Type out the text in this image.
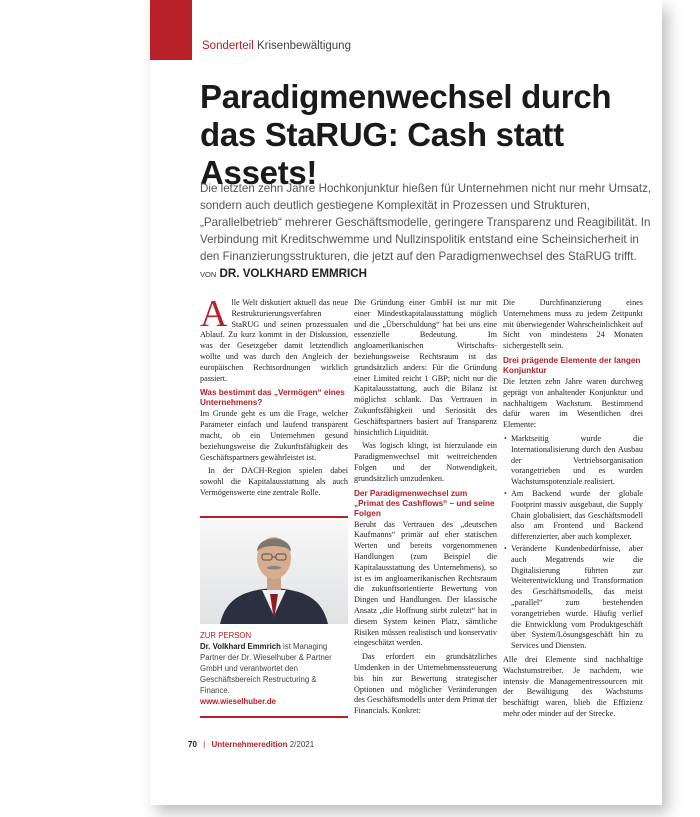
Sonderteil Krisenbewältigung
Paradigmenwechsel durch das StaRUG: Cash statt Assets!
Die letzten zehn Jahre Hochkonjunktur hießen für Unternehmen nicht nur mehr Umsatz, sondern auch deutlich gestiegene Komplexität in Prozessen und Strukturen, „Parallelbetrieb“ mehrerer Geschäftsmodelle, geringere Transparenz und Reagibilität. In Verbindung mit Kreditschwemme und Nullzinspolitik entstand eine Scheinsicherheit in den Finanzierungsstrukturen, die jetzt auf den Paradigmenwechsel des StaRUG trifft. VON DR. VOLKHARD EMMRICH

A lle Welt diskutiert aktuell das neue Restrukturierungsverfahren StaRUG und seinen prozessualen Ablauf. Zu kurz kommt in der Diskussion, was der Gesetzgeber damit letztendlich wollte und was durch den Angleich der europäischen Rechtsordnungen wirklich passiert.

Was bestimmt das „Vermögen“ eines Unternehmens?

Im Grunde geht es um die Frage, welcher Parameter einfach und laufend transparent macht, ob ein Unternehmen gesund beziehungsweise die Zukunftsfähigkeit des Geschäftspartners gewährleistet ist.

In der DACH-Region spielen dabei sowohl die Kapitalausstattung als auch Vermögenswerte eine zentrale Rolle.

ZUR PERSON
Dr. Volkhard Emmrich ist Managing Partner der Dr. Wieselhuber & Partner GmbH und verantwortet den Geschäftsbereich Restructuring & Finance.
www.wieselhuber.de

Die Gründung einer GmbH ist nur mit einer Mindestkapitalausstattung möglich und die „Überschuldung“ hat bei uns eine essenzielle Bedeutung. Im angloamerikanischen Wirtschafts- beziehungsweise Rechtsraum ist das grundsätzlich anders: Für die Gründung einer Limited reicht 1 GBP; nicht nur die Kapitalausstattung, auch die Bilanz ist möglichst schlank. Das Vertrauen in Zukunftsfähigkeit und Seriosität des Geschäftspartners basiert auf Transparenz hinsichtlich Liquidität.

Was logisch klingt, ist hierzulande ein Paradigmenwechsel mit weitreichenden Folgen und der Notwendigkeit, grundsätzlich umzudenken.

Der Paradigmenwechsel zum „Primat des Cashflows“ – und seine Folgen

Beruht das Vertrauen des „deutschen Kaufmanns“ primär auf eher statischen Werten und bereits vorgenommenen Handlungen (zum Beispiel die Kapitalausstattung des Unternehmens), so ist es im angloamerikanischen Rechtsraum die zukunftsorientierte Bewertung von Dingen und Handlungen. Der klassische Ansatz „die Hoffnung stirbt zuletzt“ hat in diesem System keinen Platz, sämtliche Risiken müssen realistisch und konservativ eingeschätzt werden.

Das erfordert ein grundsätzliches Umdenken in der Unternehmenssteuerung bis hin zur Bewertung strategischer Optionen und möglicher Veränderungen des Geschäftsmodells unter dem Primat der Financials. Konkret:

Die Durchfinanzierung eines Unternehmens muss zu jedem Zeitpunkt mit überwiegender Wahrscheinlichkeit auf Sicht von mindestens 24 Monaten sichergestellt sein.

Drei prägende Elemente der langen Konjunktur

Die letzten zehn Jahre waren durchweg geprägt von anhaltender Konjunktur und nachhaltigem Wachstum. Bestimmend dafür waren im Wesentlichen drei Elemente:

• Marktseitig wurde die Internationalisierung durch den Ausbau der Vertriebsorganisation vorangetrieben und es wurden Wachstumspotenziale realisiert.
• Am Backend wurde der globale Footprint massiv ausgebaut, die Supply Chain globalisiert, das Geschäftsmodell also am Frontend und Backend differenzierter, aber auch komplexer.
• Veränderte Kundenbedürfnisse, aber auch Megatrends wie die Digitalisierung führten zur Weiterentwicklung und Transformation des Geschäftsmodells, das meist „parallel“ zum bestehenden vorangetrieben wurde. Häufig verlief die Entwicklung vom Produktgeschäft über System/Lösungsgeschäft hin zu Services und Diensten.

Alle drei Elemente sind nachhaltige Wachstumstreiber. Je nachdem, wie intensiv die Managementressourcen mit der Bewältigung des Wachstums beschäftigt waren, blieb die Effizienz mehr oder minder auf der Strecke.

70 | Unternehmeredition 2/2021
